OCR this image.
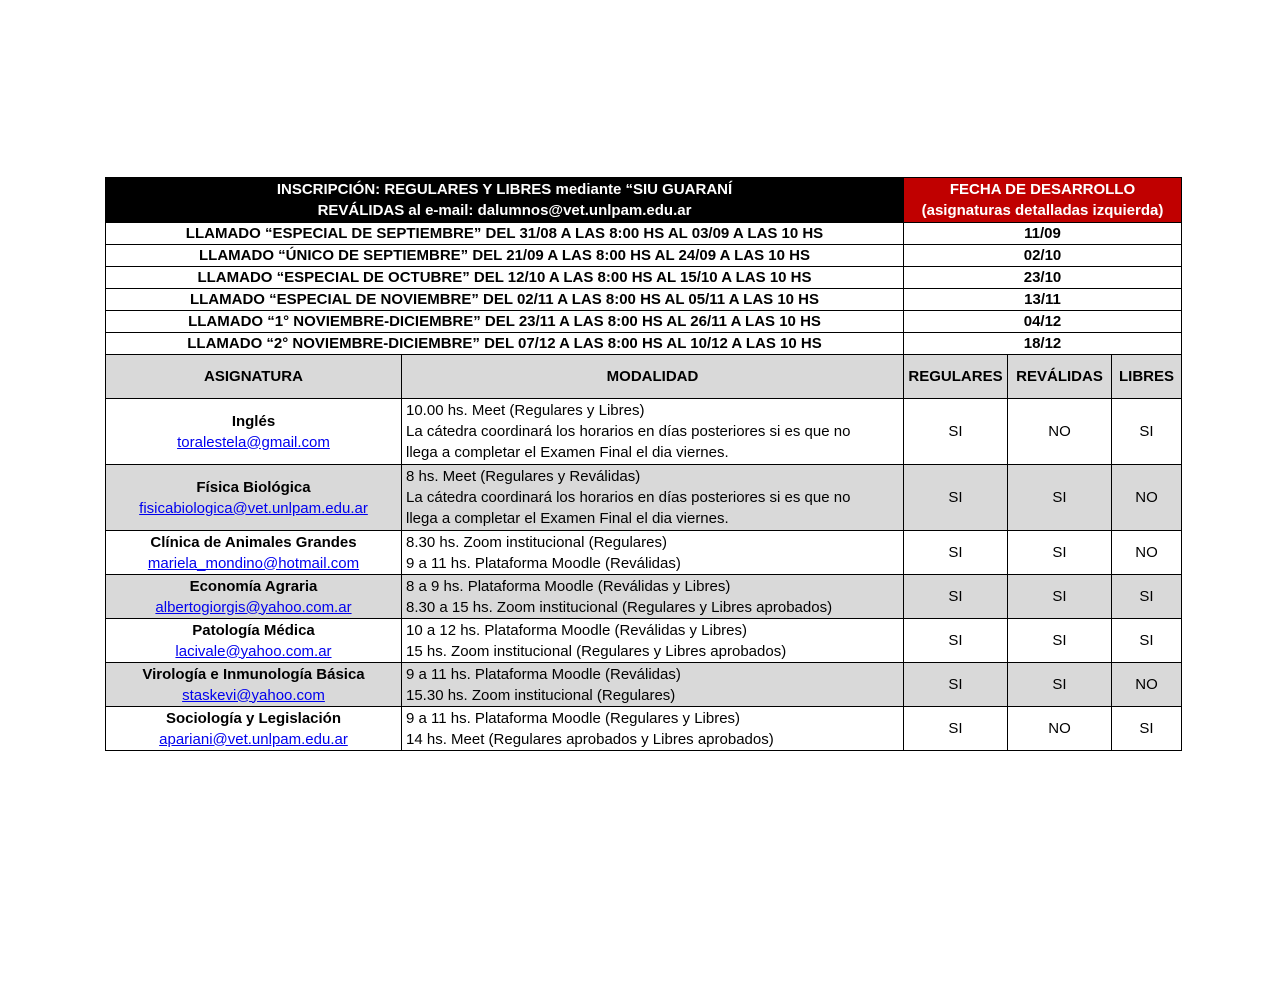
INSCRIPCIÓN: REGULARES Y LIBRES mediante “SIU GUARANÍ
REVÁLIDAS al e-mail: dalumnos@vet.unlpam.edu.ar		FECHA DE DESARROLLO
(asignaturas detalladas izquierda)		

LLAMADO “ESPECIAL DE SEPTIEMBRE” DEL 31/08 A LAS 8:00 HS AL 03/09 A LAS 10 HS		11/09		
LLAMADO “ÚNICO DE SEPTIEMBRE” DEL 21/09 A LAS 8:00 HS AL 24/09 A LAS 10 HS		02/10		
LLAMADO “ESPECIAL DE OCTUBRE” DEL 12/10 A LAS 8:00 HS AL 15/10 A LAS 10 HS		23/10		
LLAMADO “ESPECIAL DE NOVIEMBRE” DEL 02/11 A LAS 8:00 HS AL 05/11 A LAS 10 HS		13/11		
LLAMADO “1° NOVIEMBRE-DICIEMBRE” DEL 23/11 A LAS 8:00 HS AL 26/11 A LAS 10 HS		04/12		
LLAMADO “2° NOVIEMBRE-DICIEMBRE” DEL 07/12 A LAS 8:00 HS AL 10/12 A LAS 10 HS		18/12		
ASIGNATURA	MODALIDAD	REGULARES	REVÁLIDAS	LIBRES

Inglés
toralestela@gmail.com	10.00 hs. Meet (Regulares y Libres)
La cátedra coordinará los horarios en días posteriores si es que no
llega a completar el Examen Final el dia viernes.	SI	NO	SI

Física Biológica
fisicabiologica@vet.unlpam.edu.ar	8 hs. Meet (Regulares y Reválidas)
La cátedra coordinará los horarios en días posteriores si es que no
llega a completar el Examen Final el dia viernes.	SI	SI	NO

Clínica de Animales Grandes
mariela_mondino@hotmail.com	8.30 hs. Zoom institucional (Regulares)
9 a 11 hs. Plataforma Moodle (Reválidas)	SI	SI	NO

Economía Agraria
albertogiorgis@yahoo.com.ar	8 a 9 hs. Plataforma Moodle (Reválidas y Libres)
8.30 a 15 hs. Zoom institucional (Regulares y Libres aprobados)	SI	SI	SI

Patología Médica
lacivale@yahoo.com.ar	10 a 12 hs. Plataforma Moodle (Reválidas y Libres)
15 hs. Zoom institucional (Regulares y Libres aprobados)	SI	SI	SI

Virología e Inmunología Básica
staskevi@yahoo.com	9 a 11 hs. Plataforma Moodle (Reválidas)
15.30 hs. Zoom institucional (Regulares)	SI	SI	NO

Sociología y Legislación
apariani@vet.unlpam.edu.ar	9 a 11 hs. Plataforma Moodle (Regulares y Libres)
14 hs. Meet (Regulares aprobados y Libres aprobados)	SI	NO	SI
